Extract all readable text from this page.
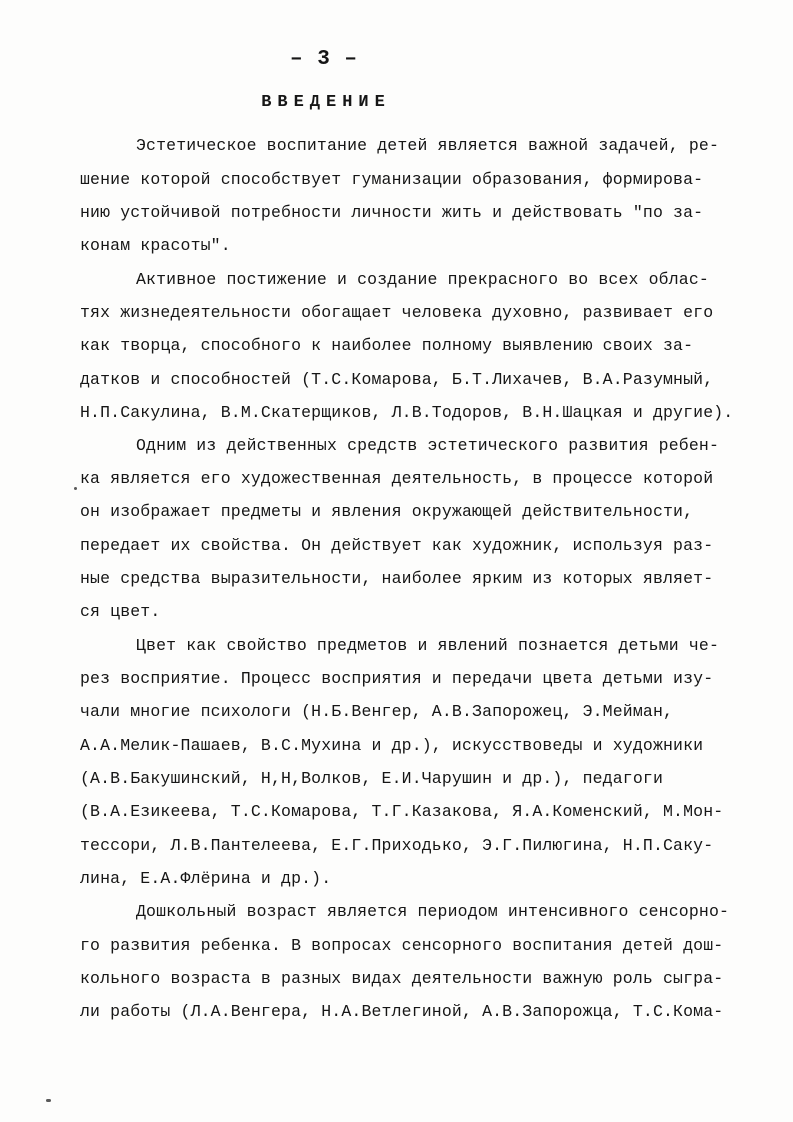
– 3 –
ВВЕДЕНИЕ

Эстетическое воспитание детей является важной задачей, ре-

шение которой способствует гуманизации образования, формирова-

нию устойчивой потребности личности жить и действовать "по за-

конам красоты".

Активное постижение и создание прекрасного во всех облас-

тях жизнедеятельности обогащает человека духовно, развивает его

как творца, способного к наиболее полному выявлению своих за-

датков и способностей (Т.С.Комарова, Б.Т.Лихачев, В.А.Разумный,

Н.П.Сакулина, В.М.Скатерщиков, Л.В.Тодоров, В.Н.Шацкая и другие).

Одним из действенных средств эстетического развития ребен-

ка является его художественная деятельность, в процессе которой

он изображает предметы и явления окружающей действительности,

передает их свойства. Он действует как художник, используя раз-

ные средства выразительности, наиболее ярким из которых являет-

ся цвет.

Цвет как свойство предметов и явлений познается детьми че-

рез восприятие. Процесс восприятия и передачи цвета детьми изу-

чали многие психологи (Н.Б.Венгер, А.В.Запорожец, Э.Мейман,

А.А.Мелик-Пашаев, В.С.Мухина и др.), искусствоведы и художники

(А.В.Бакушинский, Н,Н,Волков, Е.И.Чарушин и др.), педагоги

(В.А.Езикеева, Т.С.Комарова, Т.Г.Казакова, Я.А.Коменский, М.Мон-

тессори, Л.В.Пантелеева, Е.Г.Приходько, Э.Г.Пилюгина, Н.П.Саку-

лина, Е.А.Флёрина и др.).

Дошкольный возраст является периодом интенсивного сенсорно-

го развития ребенка. В вопросах сенсорного воспитания детей дош-

кольного возраста в разных видах деятельности важную роль сыгра-

ли работы (Л.А.Венгера, Н.А.Ветлегиной, А.В.Запорожца, Т.С.Кома-
